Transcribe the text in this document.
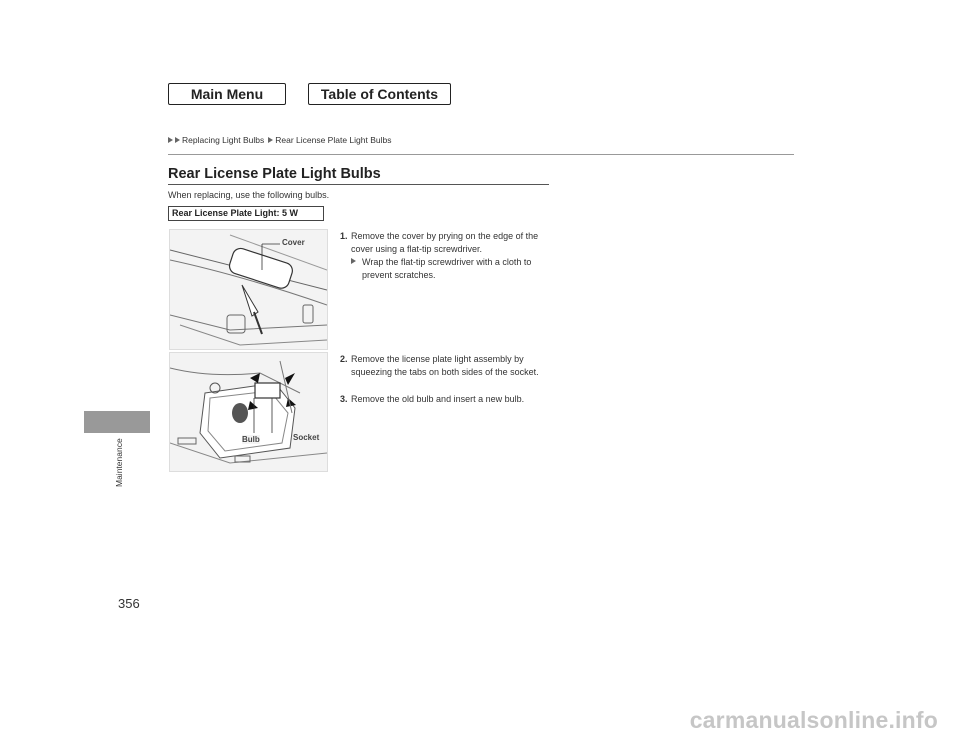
Main Menu	Table of Contents
Replacing Light Bulbs Rear License Plate Light Bulbs
Rear License Plate Light Bulbs
When replacing, use the following bulbs.
Rear License Plate Light: 5 W
Cover
Bulb	Socket
1. Remove the cover by prying on the edge of the cover using a flat-tip screwdriver.
Wrap the flat-tip screwdriver with a cloth to prevent scratches.
2. Remove the license plate light assembly by squeezing the tabs on both sides of the socket.
3. Remove the old bulb and insert a new bulb.
Maintenance
356
carmanualsonline.info
